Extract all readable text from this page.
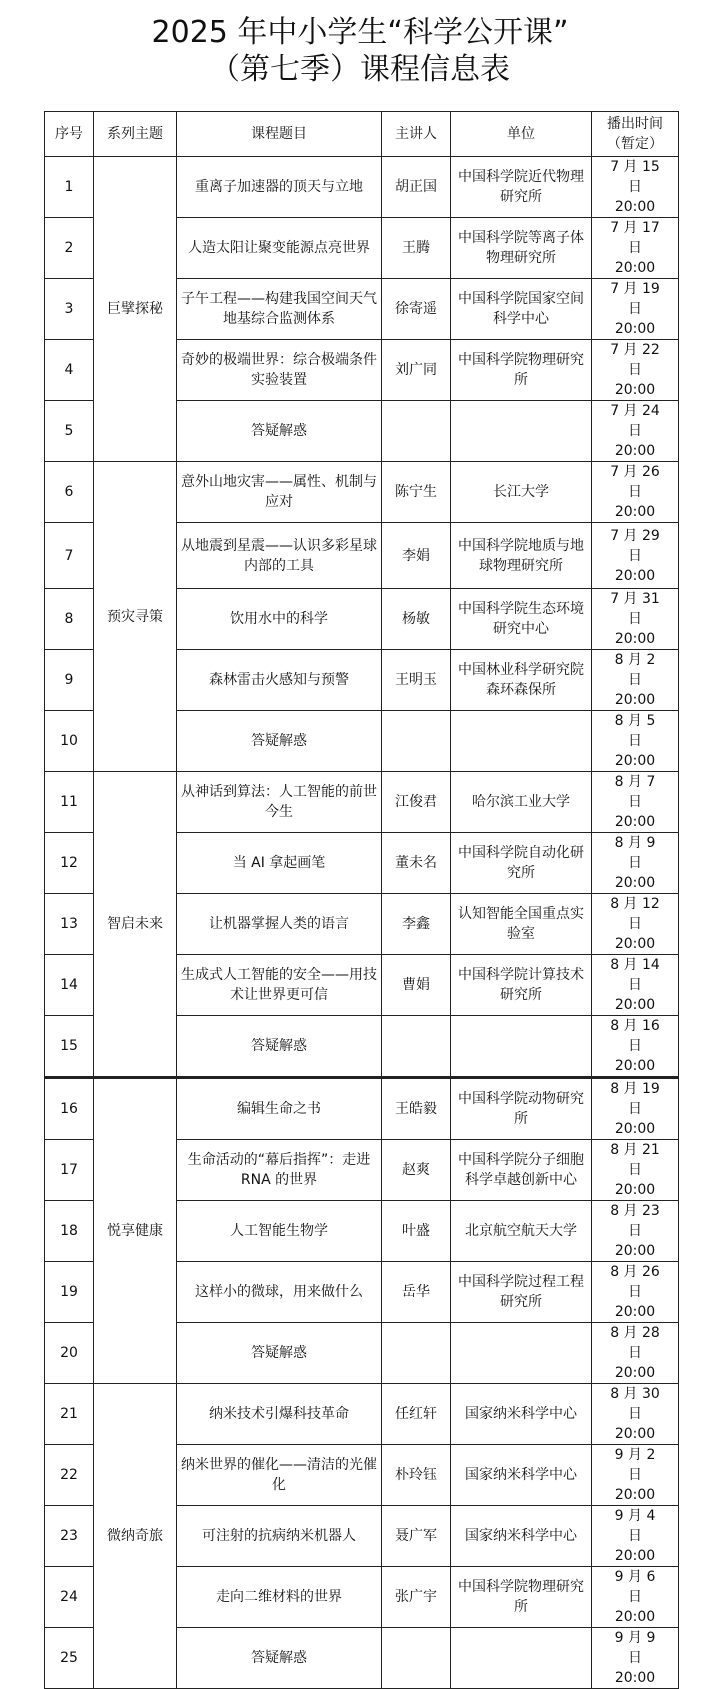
2025 年中小学生“科学公开课”
（第七季）课程信息表
序号	系列主题	课程题目	主讲人	单位	播出时间
（暂定）
1	巨擘探秘	重离子加速器的顶天与立地	胡正国	中国科学院近代物理研究所	7 月 15 日 20:00
2		人造太阳让聚变能源点亮世界	王腾	中国科学院等离子体物理研究所	7 月 17 日 20:00
3		子午工程——构建我国空间天气地基综合监测体系	徐寄遥	中国科学院国家空间科学中心	7 月 19 日 20:00
4		奇妙的极端世界：综合极端条件实验装置	刘广同	中国科学院物理研究所	7 月 22 日 20:00
5		答疑解惑			7 月 24 日 20:00
6	预灾寻策	意外山地灾害——属性、机制与应对	陈宁生	长江大学	7 月 26 日 20:00
7		从地震到星震——认识多彩星球内部的工具	李娟	中国科学院地质与地球物理研究所	7 月 29 日 20:00
8		饮用水中的科学	杨敏	中国科学院生态环境研究中心	7 月 31 日 20:00
9		森林雷击火感知与预警	王明玉	中国林业科学研究院森环森保所	8 月 2 日 20:00
10		答疑解惑			8 月 5 日 20:00
11	智启未来	从神话到算法：人工智能的前世今生	江俊君	哈尔滨工业大学	8 月 7 日 20:00
12		当 AI 拿起画笔	董未名	中国科学院自动化研究所	8 月 9 日 20:00
13		让机器掌握人类的语言	李鑫	认知智能全国重点实验室	8 月 12 日 20:00
14		生成式人工智能的安全——用技术让世界更可信	曹娟	中国科学院计算技术研究所	8 月 14 日 20:00
15		答疑解惑			8 月 16 日 20:00
16	悦享健康	编辑生命之书	王皓毅	中国科学院动物研究所	8 月 19 日 20:00
17		生命活动的“幕后指挥”：走进 RNA 的世界	赵爽	中国科学院分子细胞科学卓越创新中心	8 月 21 日 20:00
18		人工智能生物学	叶盛	北京航空航天大学	8 月 23 日 20:00
19		这样小的微球，用来做什么	岳华	中国科学院过程工程研究所	8 月 26 日 20:00
20		答疑解惑			8 月 28 日 20:00
21	微纳奇旅	纳米技术引爆科技革命	任红轩	国家纳米科学中心	8 月 30 日 20:00
22		纳米世界的催化——清洁的光催化	朴玲钰	国家纳米科学中心	9 月 2 日 20:00
23		可注射的抗病纳米机器人	聂广军	国家纳米科学中心	9 月 4 日 20:00
24		走向二维材料的世界	张广宇	中国科学院物理研究所	9 月 6 日 20:00
25		答疑解惑			9 月 9 日 20:00
